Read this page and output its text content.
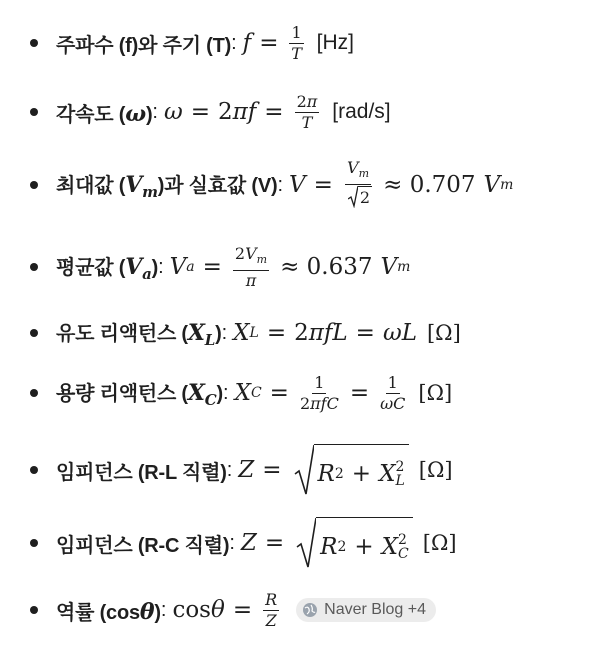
주파수 (f)와 주기 (T) : $f = \frac{1}{T} [Hz]$
각속도 (ω) : ω = 2 $\pi f = \frac{2\pi}{T} [rad/s]$
최대값 $(V_m)$과 실효값 (V) : $V = \frac{V_m}{2} \approx 0.707$ V m
평균값 $(V_a)$ : V $a = \frac{2V_m}{\pi} \approx 0.637$ V m
유도 리액턴스 $(X_L)$ : X L = 2 πfL = ωL [Ω]
용량 리액턴스 $(X_C)$ : X $C = \frac{1}{\text{2πfC}} = \frac{1}{\omega C} [\Omega]$
임피던스 (R-L 직렬) : Z = R 2 + X 2
L [Ω]
임피던스 (R-C 직렬) : Z = R 2 + X 2
C [Ω]
역률 (cosθ) : $\cos \theta = \frac{R}{Z}$	Naver Blog +4
